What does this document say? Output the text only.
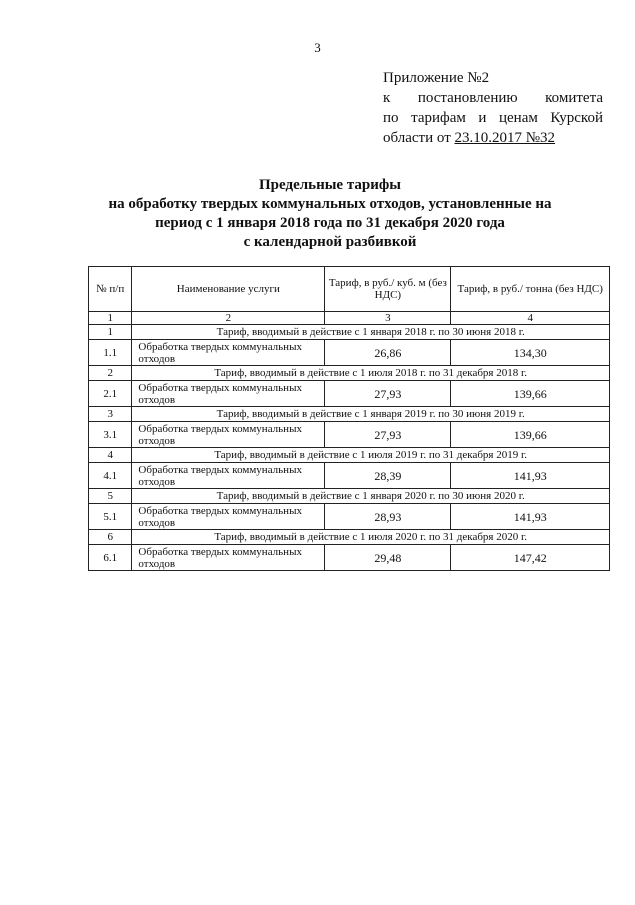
3
Приложение №2
к постановлению комитета
по тарифам и ценам Курской
области от 23.10.2017 №32
Предельные тарифы
на обработку твердых коммунальных отходов, установленные на
период с 1 января 2018 года по 31 декабря 2020 года
с календарной разбивкой
№ п/п	Наименование услуги	Тариф, в руб./ куб. м (без НДС)	Тариф, в руб./ тонна (без НДС)
1	2	3	4
1	Тариф, вводимый в действие с 1 января 2018 г. по 30 июня 2018 г.		
1.1	Обработка твердых коммунальных отходов	26,86	134,30
2	Тариф, вводимый в действие с 1 июля 2018 г. по 31 декабря 2018 г.		
2.1	Обработка твердых коммунальных отходов	27,93	139,66
3	Тариф, вводимый в действие с 1 января 2019 г. по 30 июня 2019 г.		
3.1	Обработка твердых коммунальных отходов	27,93	139,66
4	Тариф, вводимый в действие с 1 июля 2019 г. по 31 декабря 2019 г.		
4.1	Обработка твердых коммунальных отходов	28,39	141,93
5	Тариф, вводимый в действие с 1 января 2020 г. по 30 июня 2020 г.		
5.1	Обработка твердых коммунальных отходов	28,93	141,93
6	Тариф, вводимый в действие с 1 июля 2020 г. по 31 декабря 2020 г.		
6.1	Обработка твердых коммунальных отходов	29,48	147,42
